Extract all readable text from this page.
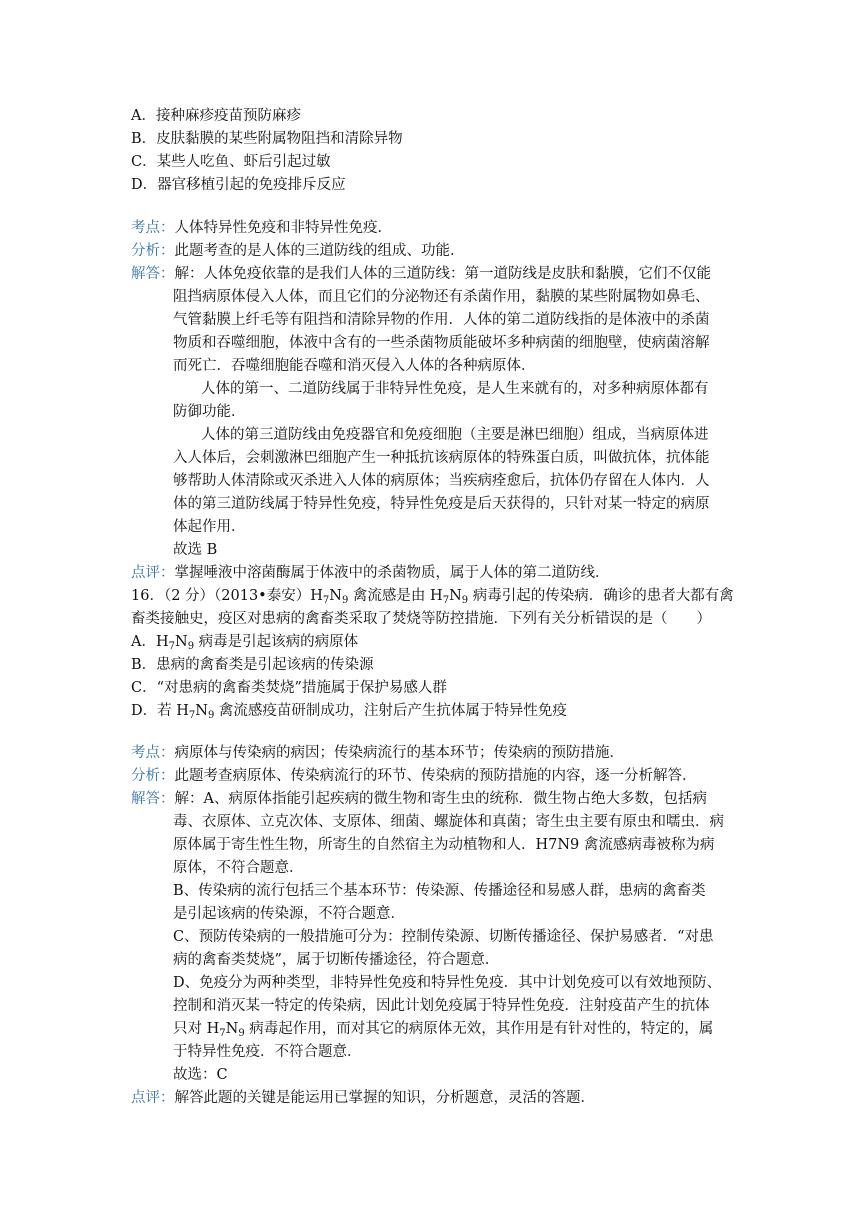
A．接种麻疹疫苗预防麻疹
B．皮肤黏膜的某些附属物阻挡和清除异物
C．某些人吃鱼、虾后引起过敏
D．器官移植引起的免疫排斥反应
考点：人体特异性免疫和非特异性免疫．
分析：此题考查的是人体的三道防线的组成、功能．
解答：解：人体免疫依靠的是我们人体的三道防线：第一道防线是皮肤和黏膜，它们不仅能
阻挡病原体侵入人体，而且它们的分泌物还有杀菌作用，黏膜的某些附属物如鼻毛、
气管黏膜上纤毛等有阻挡和清除异物的作用．人体的第二道防线指的是体液中的杀菌
物质和吞噬细胞，体液中含有的一些杀菌物质能破坏多种病菌的细胞壁，使病菌溶解
而死亡．吞噬细胞能吞噬和消灭侵入人体的各种病原体．
人体的第一、二道防线属于非特异性免疫，是人生来就有的，对多种病原体都有
防御功能．
人体的第三道防线由免疫器官和免疫细胞（主要是淋巴细胞）组成，当病原体进
入人体后，会刺激淋巴细胞产生一种抵抗该病原体的特殊蛋白质，叫做抗体，抗体能
够帮助人体清除或灭杀进入人体的病原体；当疾病痊愈后，抗体仍存留在人体内．人
体的第三道防线属于特异性免疫，特异性免疫是后天获得的，只针对某一特定的病原
体起作用．
故选 B
点评：掌握唾液中溶菌酶属于体液中的杀菌物质，属于人体的第二道防线．
16．（2 分）（2013•泰安）$H_7N_9$ 禽流感是由 $H_7N_9$ 病毒引起的传染病．确诊的患者大都有禽
畜类接触史，疫区对患病的禽畜类采取了焚烧等防控措施．下列有关分析错误的是（　　）
A．$H_7N_9$ 病毒是引起该病的病原体
B．患病的禽畜类是引起该病的传染源
C．“对患病的禽畜类焚烧”措施属于保护易感人群
D．若 $H_7N_9$ 禽流感疫苗研制成功，注射后产生抗体属于特异性免疫
考点：病原体与传染病的病因；传染病流行的基本环节；传染病的预防措施．
分析：此题考查病原体、传染病流行的环节、传染病的预防措施的内容，逐一分析解答．
解答：解：A、病原体指能引起疾病的微生物和寄生虫的统称．微生物占绝大多数，包括病
毒、衣原体、立克次体、支原体、细菌、螺旋体和真菌；寄生虫主要有原虫和嚅虫．病
原体属于寄生性生物，所寄生的自然宿主为动植物和人．H7N9 禽流感病毒被称为病
原体，不符合题意．
B、传染病的流行包括三个基本环节：传染源、传播途径和易感人群，患病的禽畜类
是引起该病的传染源，不符合题意．
C、预防传染病的一般措施可分为：控制传染源、切断传播途径、保护易感者．“对患
病的禽畜类焚烧”，属于切断传播途径，符合题意．
D、免疫分为两种类型，非特异性免疫和特异性免疫．其中计划免疫可以有效地预防、
控制和消灭某一特定的传染病，因此计划免疫属于特异性免疫．注射疫苗产生的抗体
只对 $H_7N_9$ 病毒起作用，而对其它的病原体无效，其作用是有针对性的，特定的，属
于特异性免疫．不符合题意．
故选：C
点评：解答此题的关键是能运用已掌握的知识，分析题意，灵活的答题．
